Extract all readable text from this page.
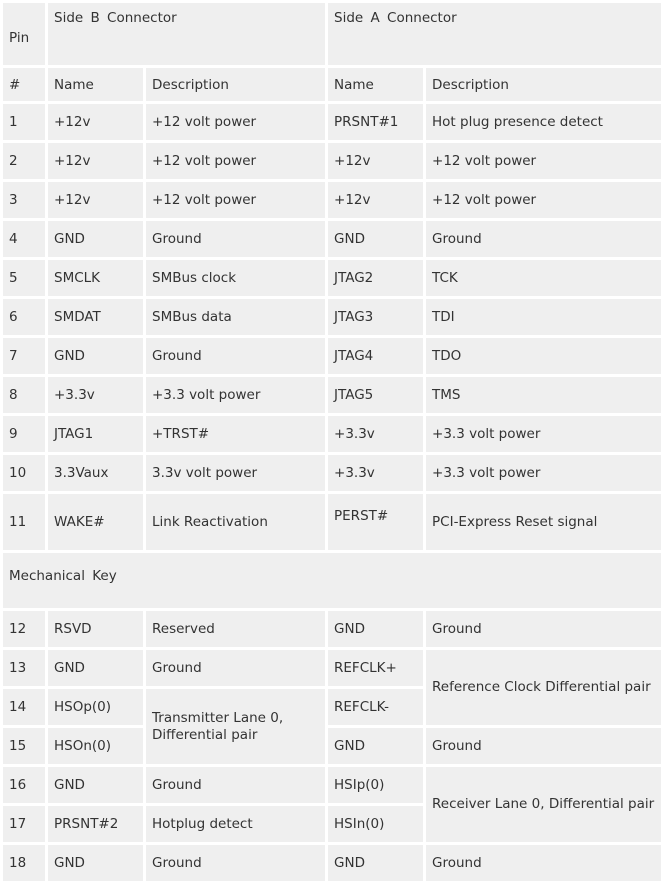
Pin	Side B Connector		Side A Connector	

#	Name	Description	Name	Description
1	+12v	+12 volt power	PRSNT#1	Hot plug presence detect
2	+12v	+12 volt power	+12v	+12 volt power
3	+12v	+12 volt power	+12v	+12 volt power
4	GND	Ground	GND	Ground
5	SMCLK	SMBus clock	JTAG2	TCK
6	SMDAT	SMBus data	JTAG3	TDI
7	GND	Ground	JTAG4	TDO
8	+3.3v	+3.3 volt power	JTAG5	TMS
9	JTAG1	+TRST#	+3.3v	+3.3 volt power
10	3.3Vaux	3.3v volt power	+3.3v	+3.3 volt power
11	WAKE#	Link Reactivation	PERST#	PCI-Express Reset signal

Mechanical Key				

12	RSVD	Reserved	GND	Ground
13	GND	Ground	REFCLK+	Reference Clock Differential pair
14	HSOp(0)	Transmitter Lane 0, Differential pair	REFCLK-	
15	HSOn(0)		GND	Ground
16	GND	Ground	HSIp(0)	Receiver Lane 0, Differential pair
17	PRSNT#2	Hotplug detect	HSIn(0)	
18	GND	Ground	GND	Ground
